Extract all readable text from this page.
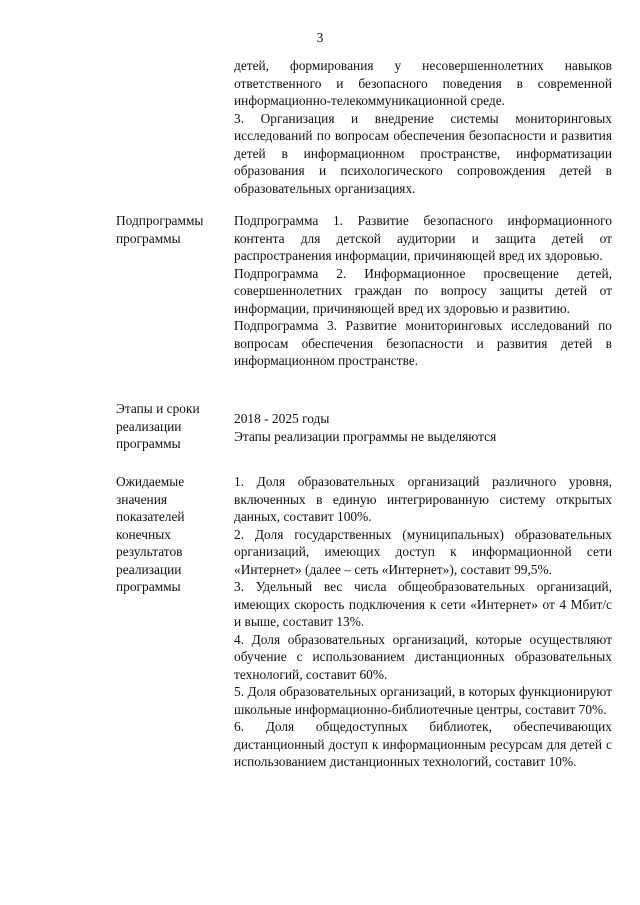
3

детей, формирования у несовершеннолетних навыков ответственного и безопасного поведения в современной информационно-телекоммуникационной среде.

3. Организация и внедрение системы мониторинговых исследований по вопросам обеспечения безопасности и развития детей в информационном пространстве, информатизации образования и психологического сопровождения детей в образовательных организациях.

Подпрограммы программы

Подпрограмма 1. Развитие безопасного информационного контента для детской аудитории и защита детей от распространения информации, причиняющей вред их здоровью.

Подпрограмма 2. Информационное просвещение детей, совершеннолетних граждан по вопросу защиты детей от информации, причиняющей вред их здоровью и развитию.

Подпрограмма 3. Развитие мониторинговых исследований по вопросам обеспечения безопасности и развития детей в информационном пространстве.

Этапы и сроки реализации программы

2018 - 2025 годы

Этапы реализации программы не выделяются

Ожидаемые значения показателей конечных результатов реализации программы

1. Доля образовательных организаций различного уровня, включенных в единую интегрированную систему открытых данных, составит 100%.

2. Доля государственных (муниципальных) образовательных организаций, имеющих доступ к информационной сети «Интернет» (далее – сеть «Интернет»), составит 99,5%.

3. Удельный вес числа общеобразовательных организаций, имеющих скорость подключения к сети «Интернет» от 4 Мбит/с и выше, составит 13%.

4. Доля образовательных организаций, которые осуществляют обучение с использованием дистанционных образовательных технологий, составит 60%.

5. Доля образовательных организаций, в которых функционируют школьные информационно-библиотечные центры, составит 70%.

6. Доля общедоступных библиотек, обеспечивающих дистанционный доступ к информационным ресурсам для детей с использованием дистанционных технологий, составит 10%.
